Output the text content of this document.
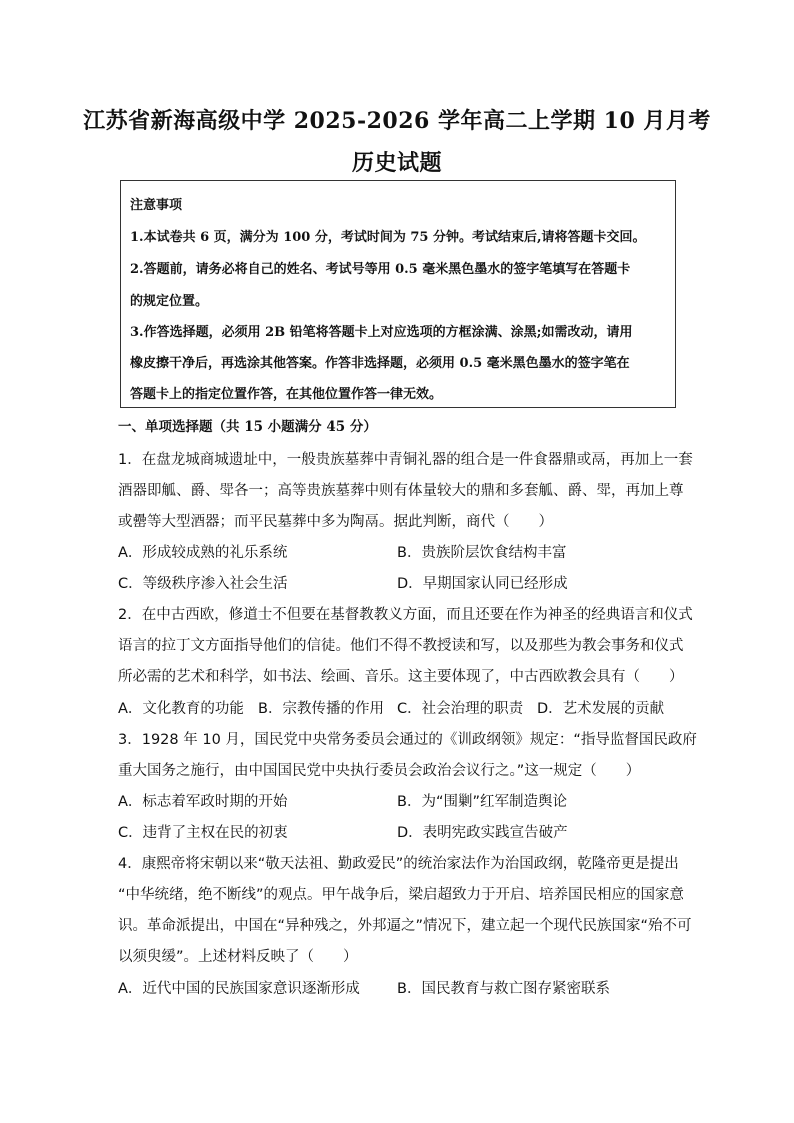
江苏省新海高级中学 2025-2026 学年高二上学期 10 月月考
历史试题
注意事项
1.本试卷共 6 页，满分为 100 分，考试时间为 75 分钟。考试结束后,请将答题卡交回。
2.答题前，请务必将自己的姓名、考试号等用 0.5 毫米黑色墨水的签字笔填写在答题卡
的规定位置。
3.作答选择题，必须用 2B 铅笔将答题卡上对应选项的方框涂满、涂黑;如需改动，请用
橡皮擦干净后，再选涂其他答案。作答非选择题，必须用 0.5 毫米黑色墨水的签字笔在
答题卡上的指定位置作答，在其他位置作答一律无效。
一、单项选择题（共 15 小题满分 45 分）
1．在盘龙城商城遗址中，一般贵族墓葬中青铜礼器的组合是一件食器鼎或鬲，再加上一套
酒器即觚、爵、斝各一；高等贵族墓葬中则有体量较大的鼎和多套觚、爵、斝，再加上尊
或罍等大型酒器；而平民墓葬中多为陶鬲。据此判断，商代（　　）
A．形成较成熟的礼乐系统	B．贵族阶层饮食结构丰富
C．等级秩序渗入社会生活	D．早期国家认同已经形成
2．在中古西欧，修道士不但要在基督教教义方面，而且还要在作为神圣的经典语言和仪式
语言的拉丁文方面指导他们的信徒。他们不得不教授读和写，以及那些为教会事务和仪式
所必需的艺术和科学，如书法、绘画、音乐。这主要体现了，中古西欧教会具有（　　）
A．文化教育的功能 B．宗教传播的作用 C．社会治理的职责 D．艺术发展的贡献
3．1928 年 10 月，国民党中央常务委员会通过的《训政纲领》规定：“指导监督国民政府
重大国务之施行，由中国国民党中央执行委员会政治会议行之。”这一规定（　　）
A．标志着军政时期的开始	B．为“围剿”红军制造舆论
C．违背了主权在民的初衷	D．表明宪政实践宣告破产
4．康熙帝将宋朝以来“敬天法祖、勤政爱民”的统治家法作为治国政纲，乾隆帝更是提出
“中华统绪，绝不断线”的观点。甲午战争后，梁启超致力于开启、培养国民相应的国家意
识。革命派提出，中国在“异种残之，外邦逼之”情况下，建立起一个现代民族国家“殆不可
以须臾缓”。上述材料反映了（　　）
A．近代中国的民族国家意识逐渐形成	B．国民教育与救亡图存紧密联系
